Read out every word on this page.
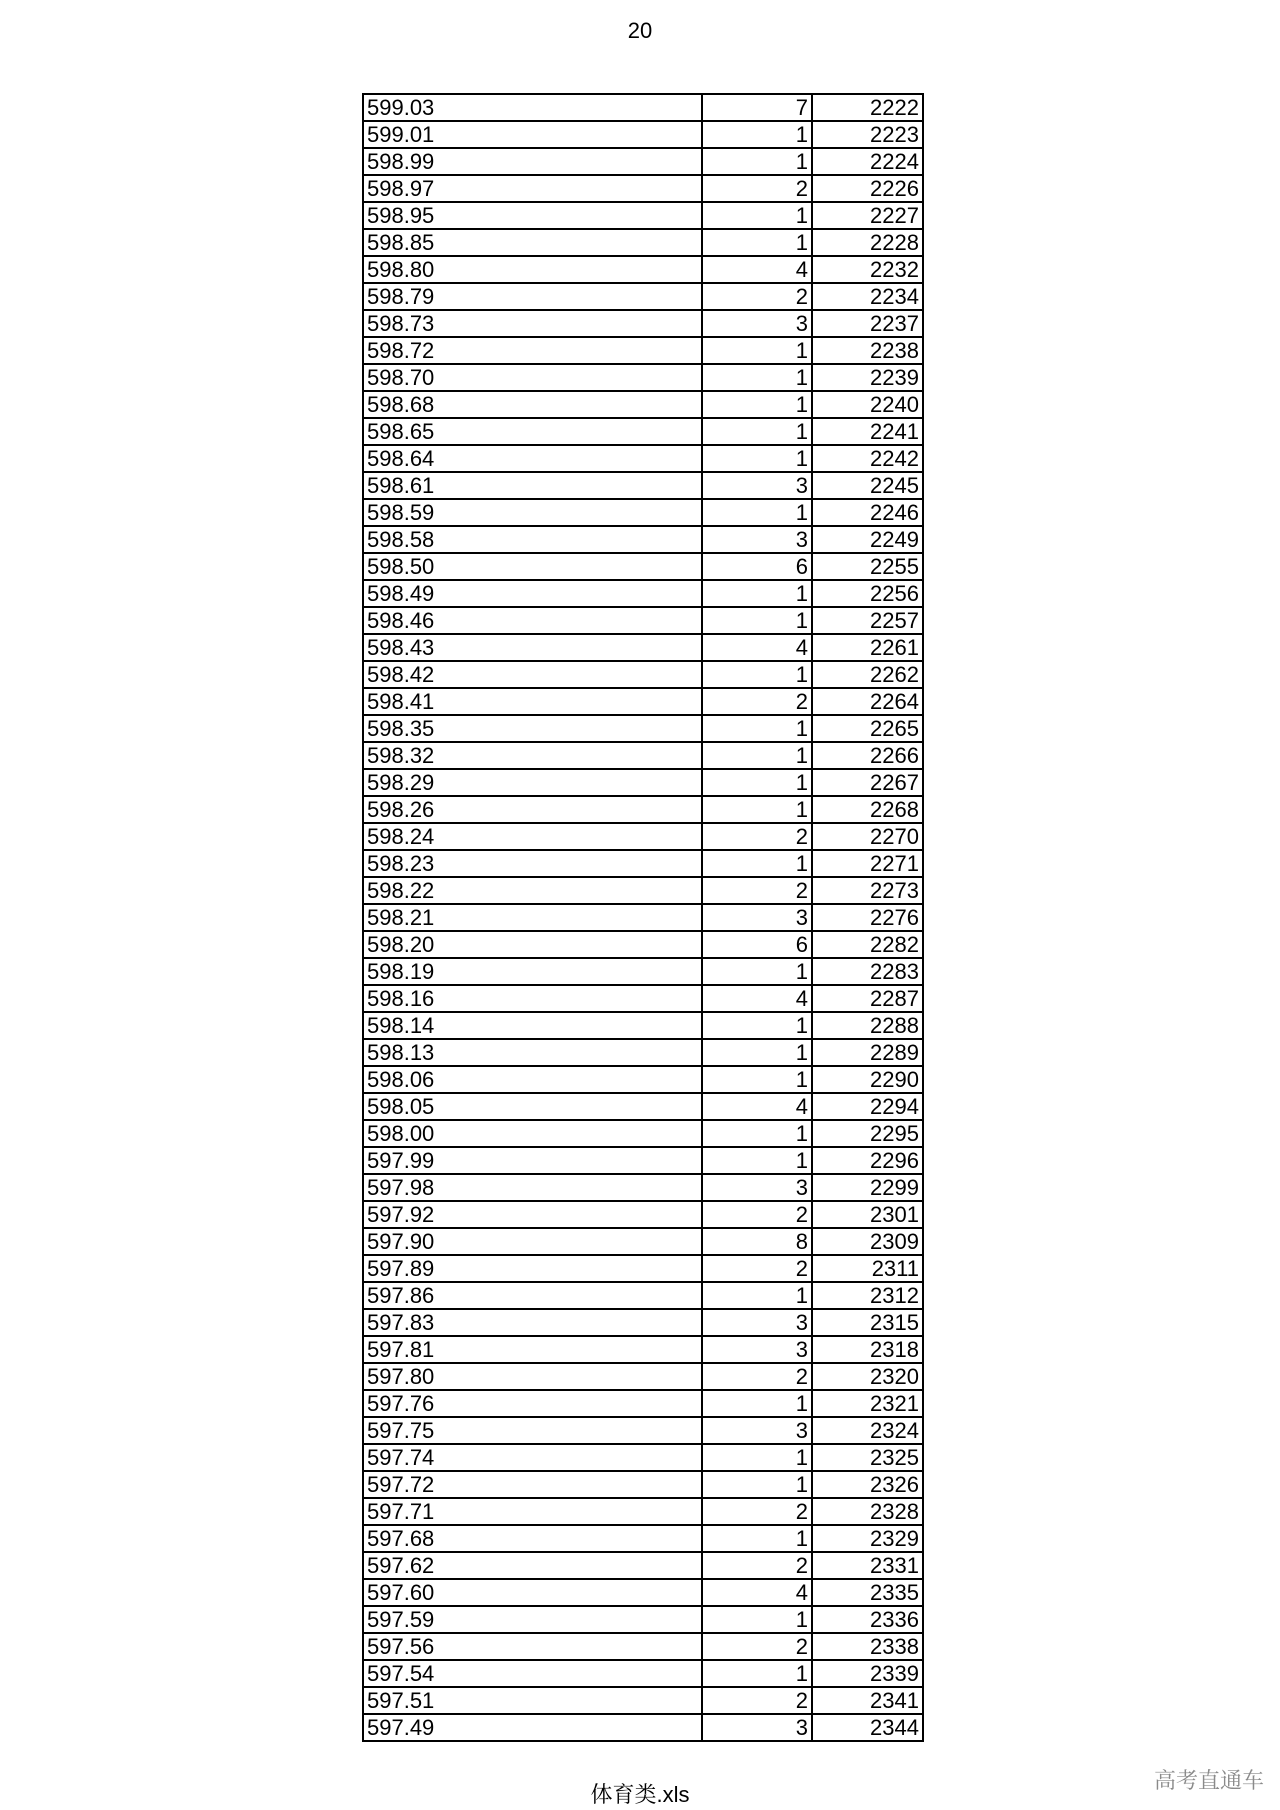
20
599.03	7	2222
599.01	1	2223
598.99	1	2224
598.97	2	2226
598.95	1	2227
598.85	1	2228
598.80	4	2232
598.79	2	2234
598.73	3	2237
598.72	1	2238
598.70	1	2239
598.68	1	2240
598.65	1	2241
598.64	1	2242
598.61	3	2245
598.59	1	2246
598.58	3	2249
598.50	6	2255
598.49	1	2256
598.46	1	2257
598.43	4	2261
598.42	1	2262
598.41	2	2264
598.35	1	2265
598.32	1	2266
598.29	1	2267
598.26	1	2268
598.24	2	2270
598.23	1	2271
598.22	2	2273
598.21	3	2276
598.20	6	2282
598.19	1	2283
598.16	4	2287
598.14	1	2288
598.13	1	2289
598.06	1	2290
598.05	4	2294
598.00	1	2295
597.99	1	2296
597.98	3	2299
597.92	2	2301
597.90	8	2309
597.89	2	2311
597.86	1	2312
597.83	3	2315
597.81	3	2318
597.80	2	2320
597.76	1	2321
597.75	3	2324
597.74	1	2325
597.72	1	2326
597.71	2	2328
597.68	1	2329
597.62	2	2331
597.60	4	2335
597.59	1	2336
597.56	2	2338
597.54	1	2339
597.51	2	2341
597.49	3	2344
体育类.xls
高考直通车
